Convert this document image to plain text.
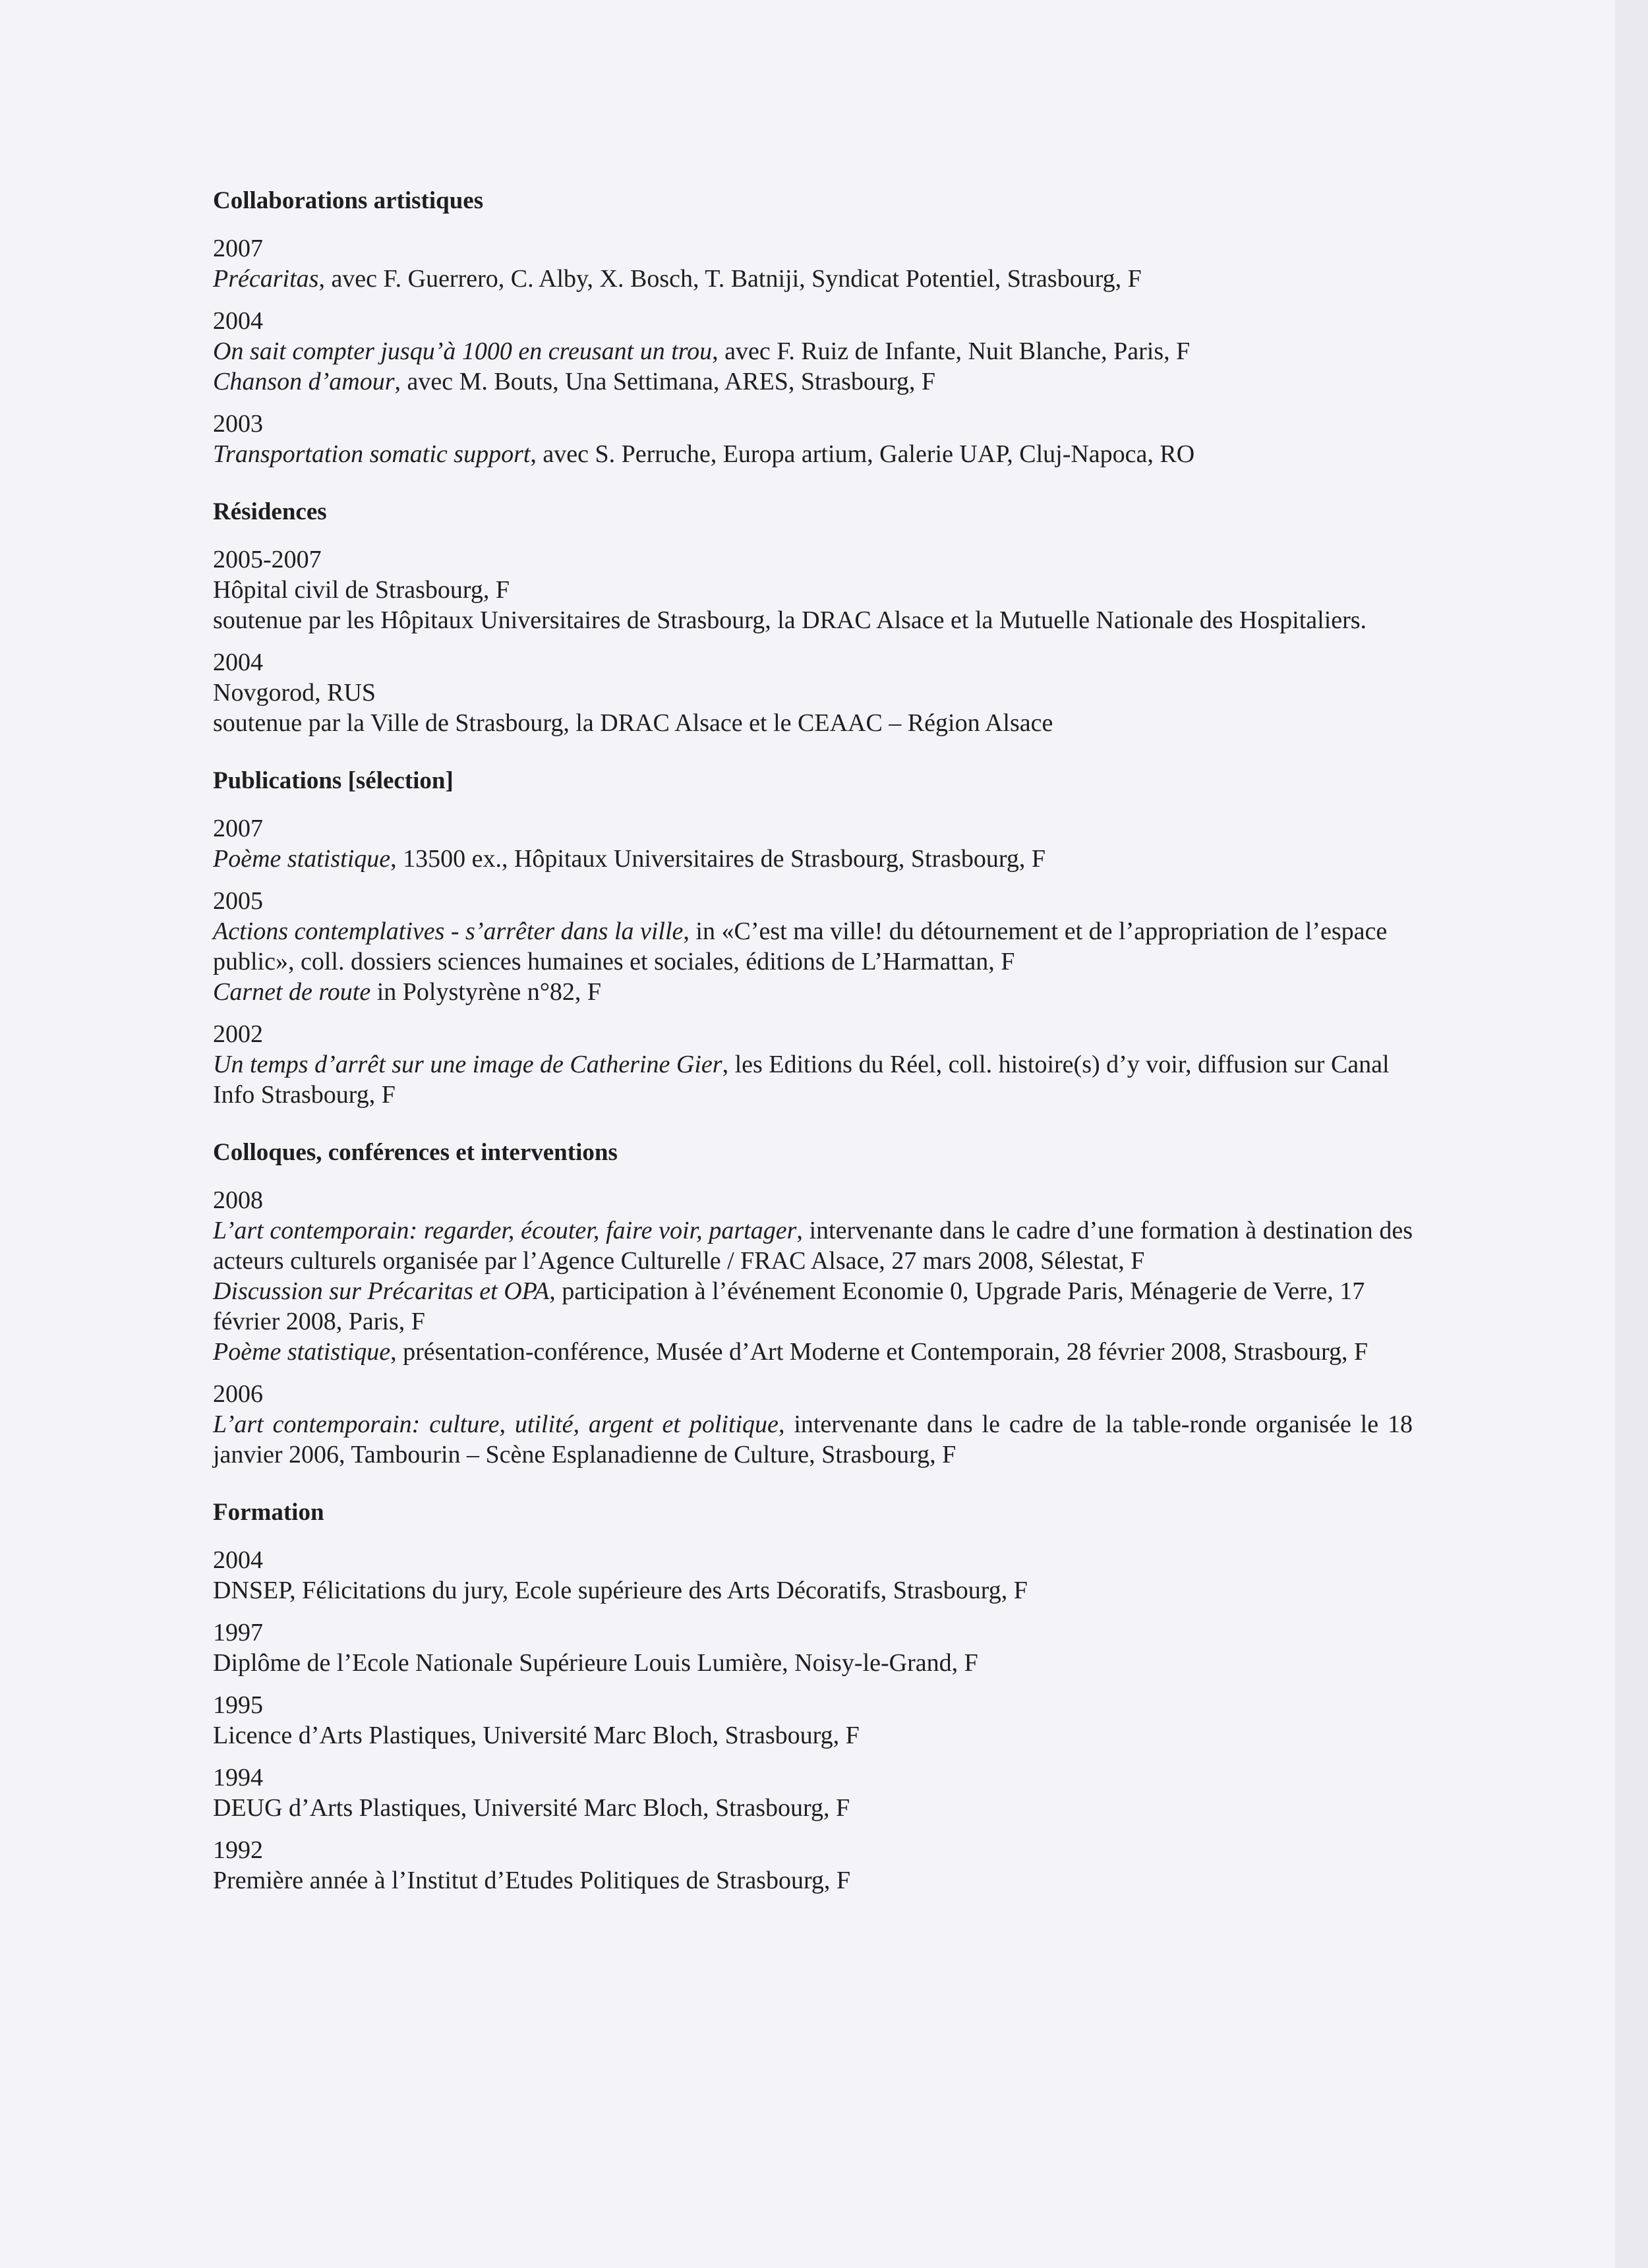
Collaborations artistiques
2007
Précaritas, avec F. Guerrero, C. Alby, X. Bosch, T. Batniji, Syndicat Potentiel, Strasbourg, F
2004
On sait compter jusqu’à 1000 en creusant un trou, avec F. Ruiz de Infante, Nuit Blanche, Paris, F
Chanson d’amour, avec M. Bouts, Una Settimana, ARES, Strasbourg, F
2003
Transportation somatic support, avec S. Perruche, Europa artium, Galerie UAP, Cluj-Napoca, RO
Résidences
2005-2007
Hôpital civil de Strasbourg, F
soutenue par les Hôpitaux Universitaires de Strasbourg, la DRAC Alsace et la Mutuelle Nationale des Hospitaliers.
2004
Novgorod, RUS
soutenue par la Ville de Strasbourg, la DRAC Alsace et le CEAAC – Région Alsace
Publications [sélection]
2007
Poème statistique, 13500 ex., Hôpitaux Universitaires de Strasbourg, Strasbourg, F
2005
Actions contemplatives - s’arrêter dans la ville, in «C’est ma ville! du détournement et de l’appropriation de l’espace public», coll. dossiers sciences humaines et sociales, éditions de L’Harmattan, F
Carnet de route in Polystyrène n°82, F
2002
Un temps d’arrêt sur une image de Catherine Gier, les Editions du Réel, coll. histoire(s) d’y voir, diffusion sur Canal Info Strasbourg, F
Colloques, conférences et interventions
2008
L’art contemporain: regarder, écouter, faire voir, partager, intervenante dans le cadre d’une formation à destination des acteurs culturels organisée par l’Agence Culturelle / FRAC Alsace, 27 mars 2008, Sélestat, F
Discussion sur Précaritas et OPA, participation à l’événement Economie 0, Upgrade Paris, Ménagerie de Verre, 17 février 2008, Paris, F
Poème statistique, présentation-conférence, Musée d’Art Moderne et Contemporain, 28 février 2008, Strasbourg, F
2006
L’art contemporain: culture, utilité, argent et politique, intervenante dans le cadre de la table-ronde organisée le 18 janvier 2006, Tambourin – Scène Esplanadienne de Culture, Strasbourg, F
Formation
2004
DNSEP, Félicitations du jury, Ecole supérieure des Arts Décoratifs, Strasbourg, F
1997
Diplôme de l’Ecole Nationale Supérieure Louis Lumière, Noisy-le-Grand, F
1995
Licence d’Arts Plastiques, Université Marc Bloch, Strasbourg, F
1994
DEUG d’Arts Plastiques, Université Marc Bloch, Strasbourg, F
1992
Première année à l’Institut d’Etudes Politiques de Strasbourg, F
